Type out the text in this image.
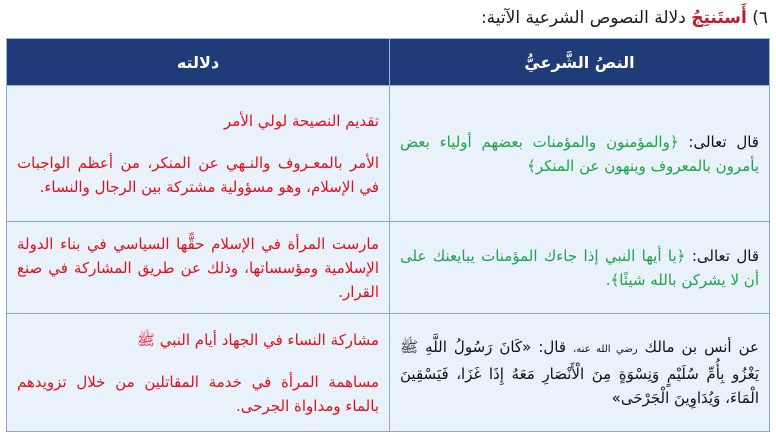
٦) أَستَنتِجُ دلالة النصوص الشرعية الآتية:
النصُ الشَّرعيُّ	دلالته
قال تعالى: ﴿والمؤمنون والمؤمنات بعضهم أولياء بعض يأمرون بالمعروف وينهون عن المنكر﴾	تقديم النصيحة لولي الأمر
الأمر بالمعـروف والنـهي عن المنكر، من أعظم الواجبات في الإسلام، وهو مسؤولية مشتركة بين الرجال والنساء.

قال تعالى: ﴿يا أيها النبي إذا جاءك المؤمنات يبايعنك على أن لا يشركن بالله شيئًا﴾.	مارست المرأة في الإسلام حقًّها السياسي في بناء الدولة الإسلامية ومؤسساتها، وذلك عن طريق المشاركة في صنع القرار.

عن أنس بن مالك رضي الله عنه، قال: «كَانَ رَسُولُ اللَّهِ ﷺ يَغْزُو بِأُمِّ سُلَيْمٍ وَنِسْوَةٍ مِنَ الْأَنْصَارِ مَعَهُ إِذَا غَزَا، فَيَسْقِينَ الْمَاءَ، وَيُدَاوِينَ الْجَرْحَى»	مشاركة النساء في الجهاد أيام النبي ﷺ
مساهمة المرأة في خدمة المقاتلين من خلال تزويدهم بالماء ومداواة الجرحى.
